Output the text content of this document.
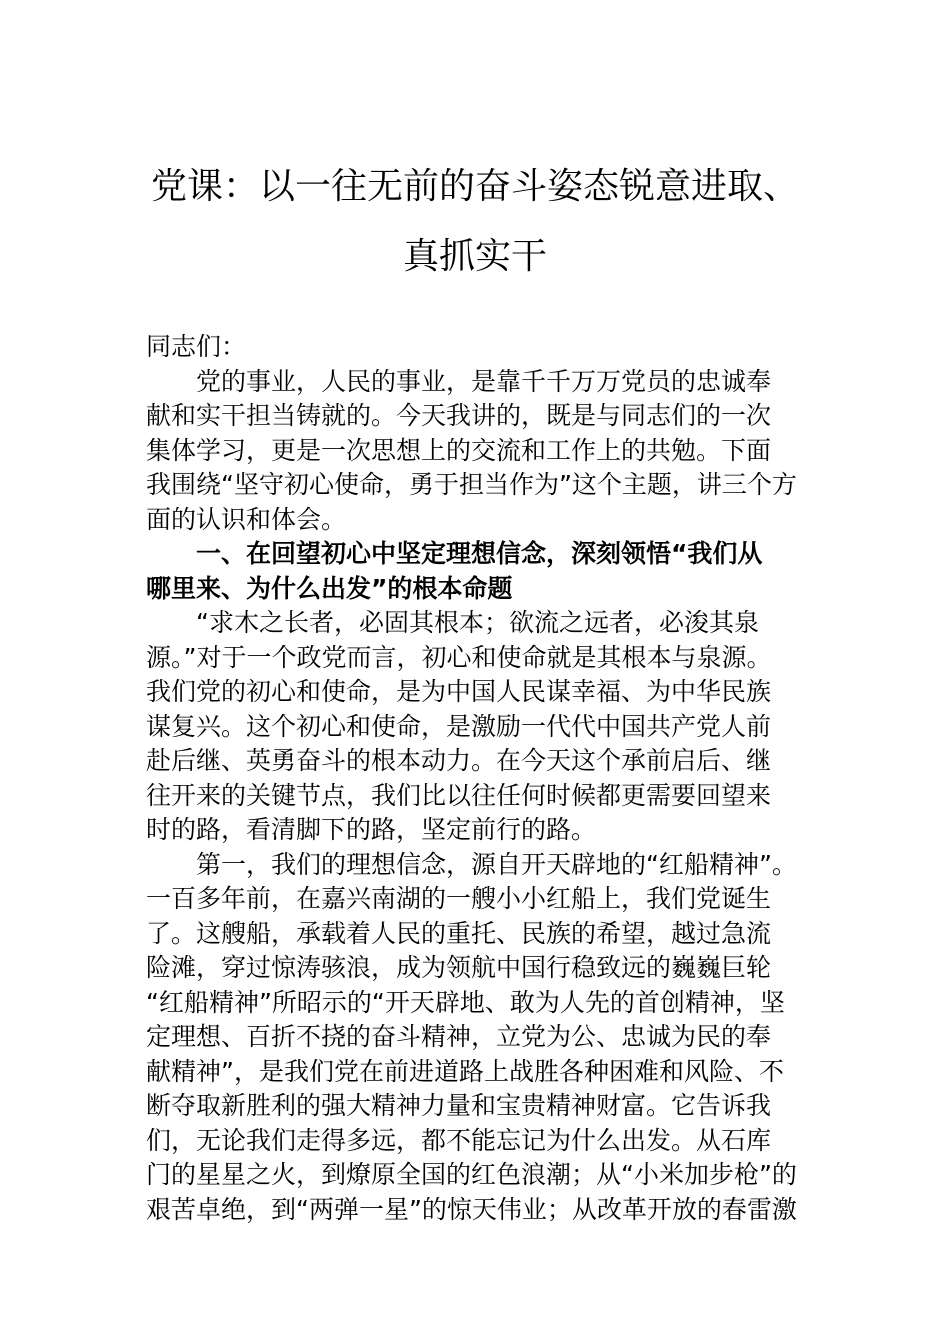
党课：以一往无前的奋斗姿态锐意进取、
真抓实干
同志们：
党的事业，人民的事业，是靠千千万万党员的忠诚奉
献和实干担当铸就的。今天我讲的，既是与同志们的一次
集体学习，更是一次思想上的交流和工作上的共勉。下面
我围绕“坚守初心使命，勇于担当作为”这个主题，讲三个方
面的认识和体会。
一、在回望初心中坚定理想信念，深刻领悟“我们从
哪里来、为什么出发”的根本命题
“求木之长者，必固其根本；欲流之远者，必浚其泉
源。”对于一个政党而言，初心和使命就是其根本与泉源。
我们党的初心和使命，是为中国人民谋幸福、为中华民族
谋复兴。这个初心和使命，是激励一代代中国共产党人前
赴后继、英勇奋斗的根本动力。在今天这个承前启后、继
往开来的关键节点，我们比以往任何时候都更需要回望来
时的路，看清脚下的路，坚定前行的路。
第一，我们的理想信念，源自开天辟地的“红船精神”。
一百多年前，在嘉兴南湖的一艘小小红船上，我们党诞生
了。这艘船，承载着人民的重托、民族的希望，越过急流
险滩，穿过惊涛骇浪，成为领航中国行稳致远的巍巍巨轮
“红船精神”所昭示的“开天辟地、敢为人先的首创精神，坚
定理想、百折不挠的奋斗精神，立党为公、忠诚为民的奉
献精神”，是我们党在前进道路上战胜各种困难和风险、不
断夺取新胜利的强大精神力量和宝贵精神财富。它告诉我
们，无论我们走得多远，都不能忘记为什么出发。从石库
门的星星之火，到燎原全国的红色浪潮；从“小米加步枪”的
艰苦卓绝，到“两弹一星”的惊天伟业；从改革开放的春雷激
